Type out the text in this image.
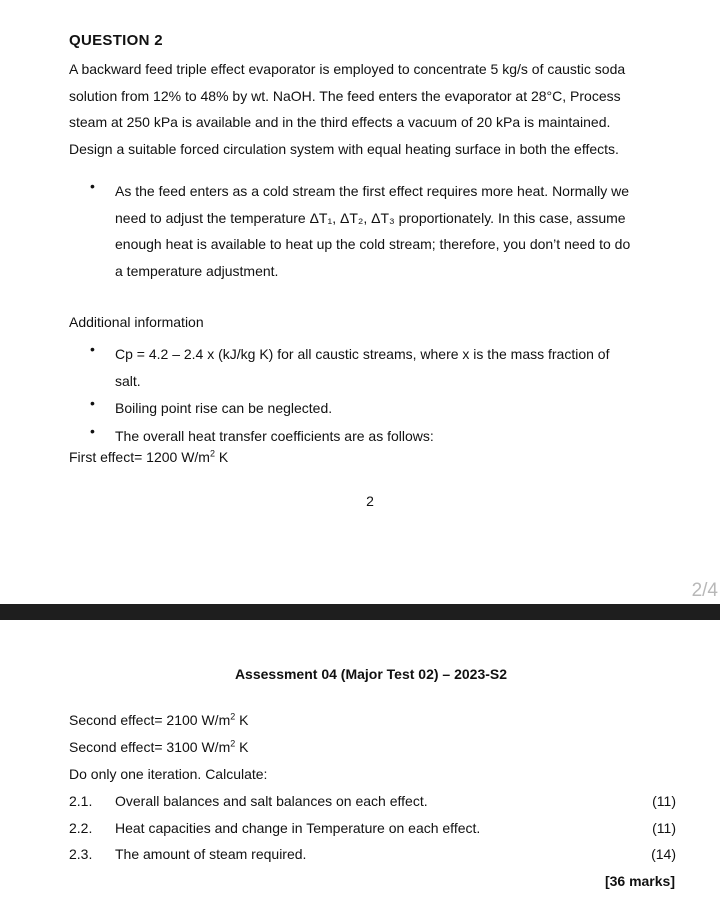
QUESTION 2
A backward feed triple effect evaporator is employed to concentrate 5 kg/s of caustic soda
solution from 12% to 48% by wt. NaOH. The feed enters the evaporator at 28°C, Process
steam at 250 kPa is available and in the third effects a vacuum of 20 kPa is maintained.
Design a suitable forced circulation system with equal heating surface in both the effects.
• As the feed enters as a cold stream the first effect requires more heat. Normally we
need to adjust the temperature ΔT₁, ΔT₂, ΔT₃ proportionately. In this case, assume
enough heat is available to heat up the cold stream; therefore, you don’t need to do
a temperature adjustment.
Additional information
• Cp = 4.2 – 2.4 x (kJ/kg K) for all caustic streams, where x is the mass fraction of
salt.
• Boiling point rise can be neglected.
• The overall heat transfer coefficients are as follows:
First effect= 1200 $W/m^2$ K
2
2/4
Assessment 04 (Major Test 02) – 2023-S2
Second effect= 2100 $W/m^2$ K
Second effect= 3100 $W/m^2$ K
Do only one iteration. Calculate:
2.1. Overall balances and salt balances on each effect.	(11)
2.2. Heat capacities and change in Temperature on each effect.	(11)
2.3. The amount of steam required.	(14)
[36 marks]
